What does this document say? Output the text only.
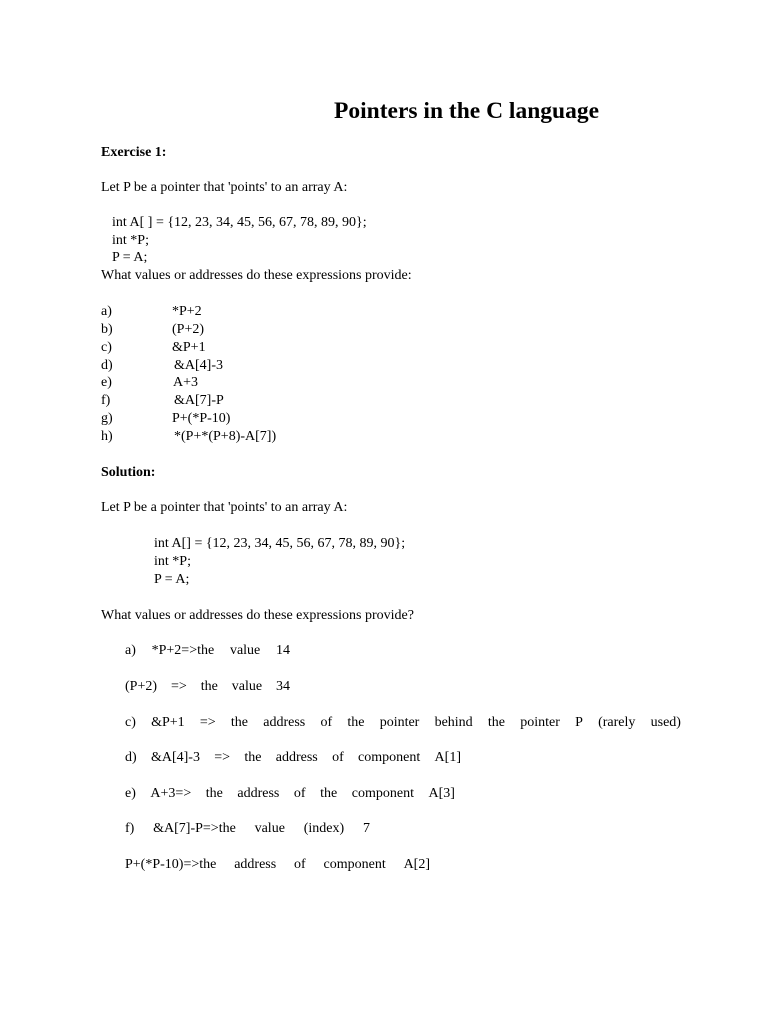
Pointers in the C language
Exercise 1:
Let P be a pointer that 'points' to an array A:
int A[ ] = {12, 23, 34, 45, 56, 67, 78, 89, 90};
int *P;
P = A;
What values or addresses do these expressions provide:
a)	*P+2
b)	(P+2)
c)	&P+1
d)	&A[4]-3
e)	A+3
f)	&A[7]-P
g)	P+(*P-10)
h)	*(P+*(P+8)-A[7])
Solution:
Let P be a pointer that 'points' to an array A:
int A[] = {12, 23, 34, 45, 56, 67, 78, 89, 90};
int *P;
P = A;
What values or addresses do these expressions provide?
a) *P+2=>the value 14
(P+2) => the value 34
c) &P+1 => the address of the pointer behind the pointer P (rarely used)
d) &A[4]-3 => the address of component A[1]
e) A+3=> the address of the component A[3]
f) &A[7]-P=>the value (index) 7
P+(*P-10)=>the address of component A[2]
